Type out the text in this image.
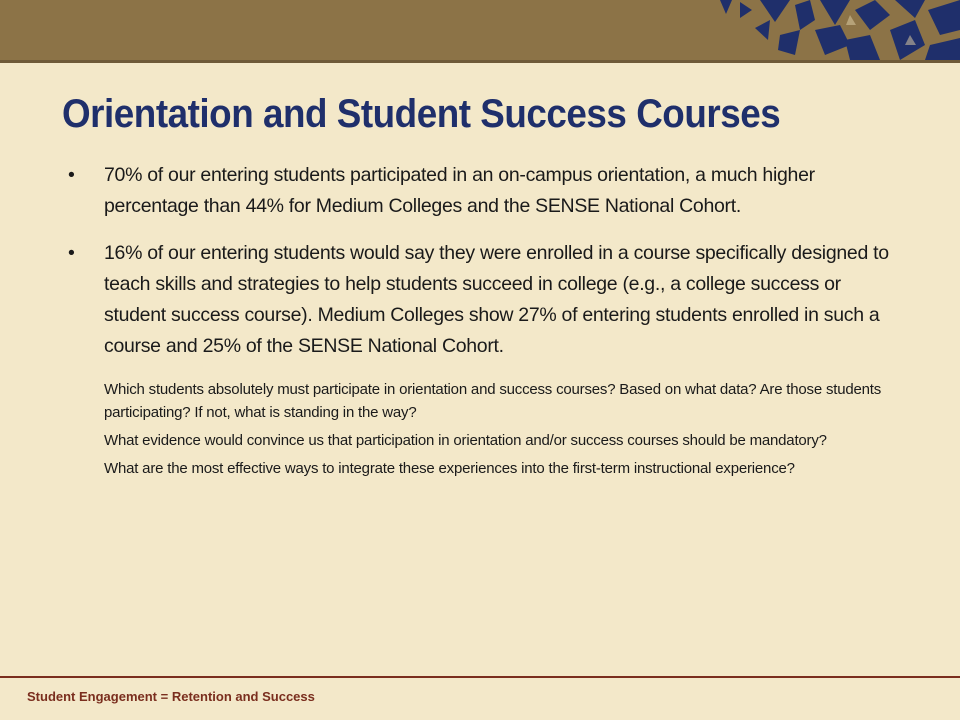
Orientation and Student Success Courses
• 70% of our entering students participated in an on-campus orientation, a much higher percentage than 44% for Medium Colleges and the SENSE National Cohort.
• 16% of our entering students would say they were enrolled in a course specifically designed to teach skills and strategies to help students succeed in college (e.g., a college success or student success course). Medium Colleges show 27% of entering students enrolled in such a course and 25% of the SENSE National Cohort.
Which students absolutely must participate in orientation and success courses? Based on what data? Are those students participating? If not, what is standing in the way?
What evidence would convince us that participation in orientation and/or success courses should be mandatory?
What are the most effective ways to integrate these experiences into the first-term instructional experience?
Student Engagement = Retention and Success
